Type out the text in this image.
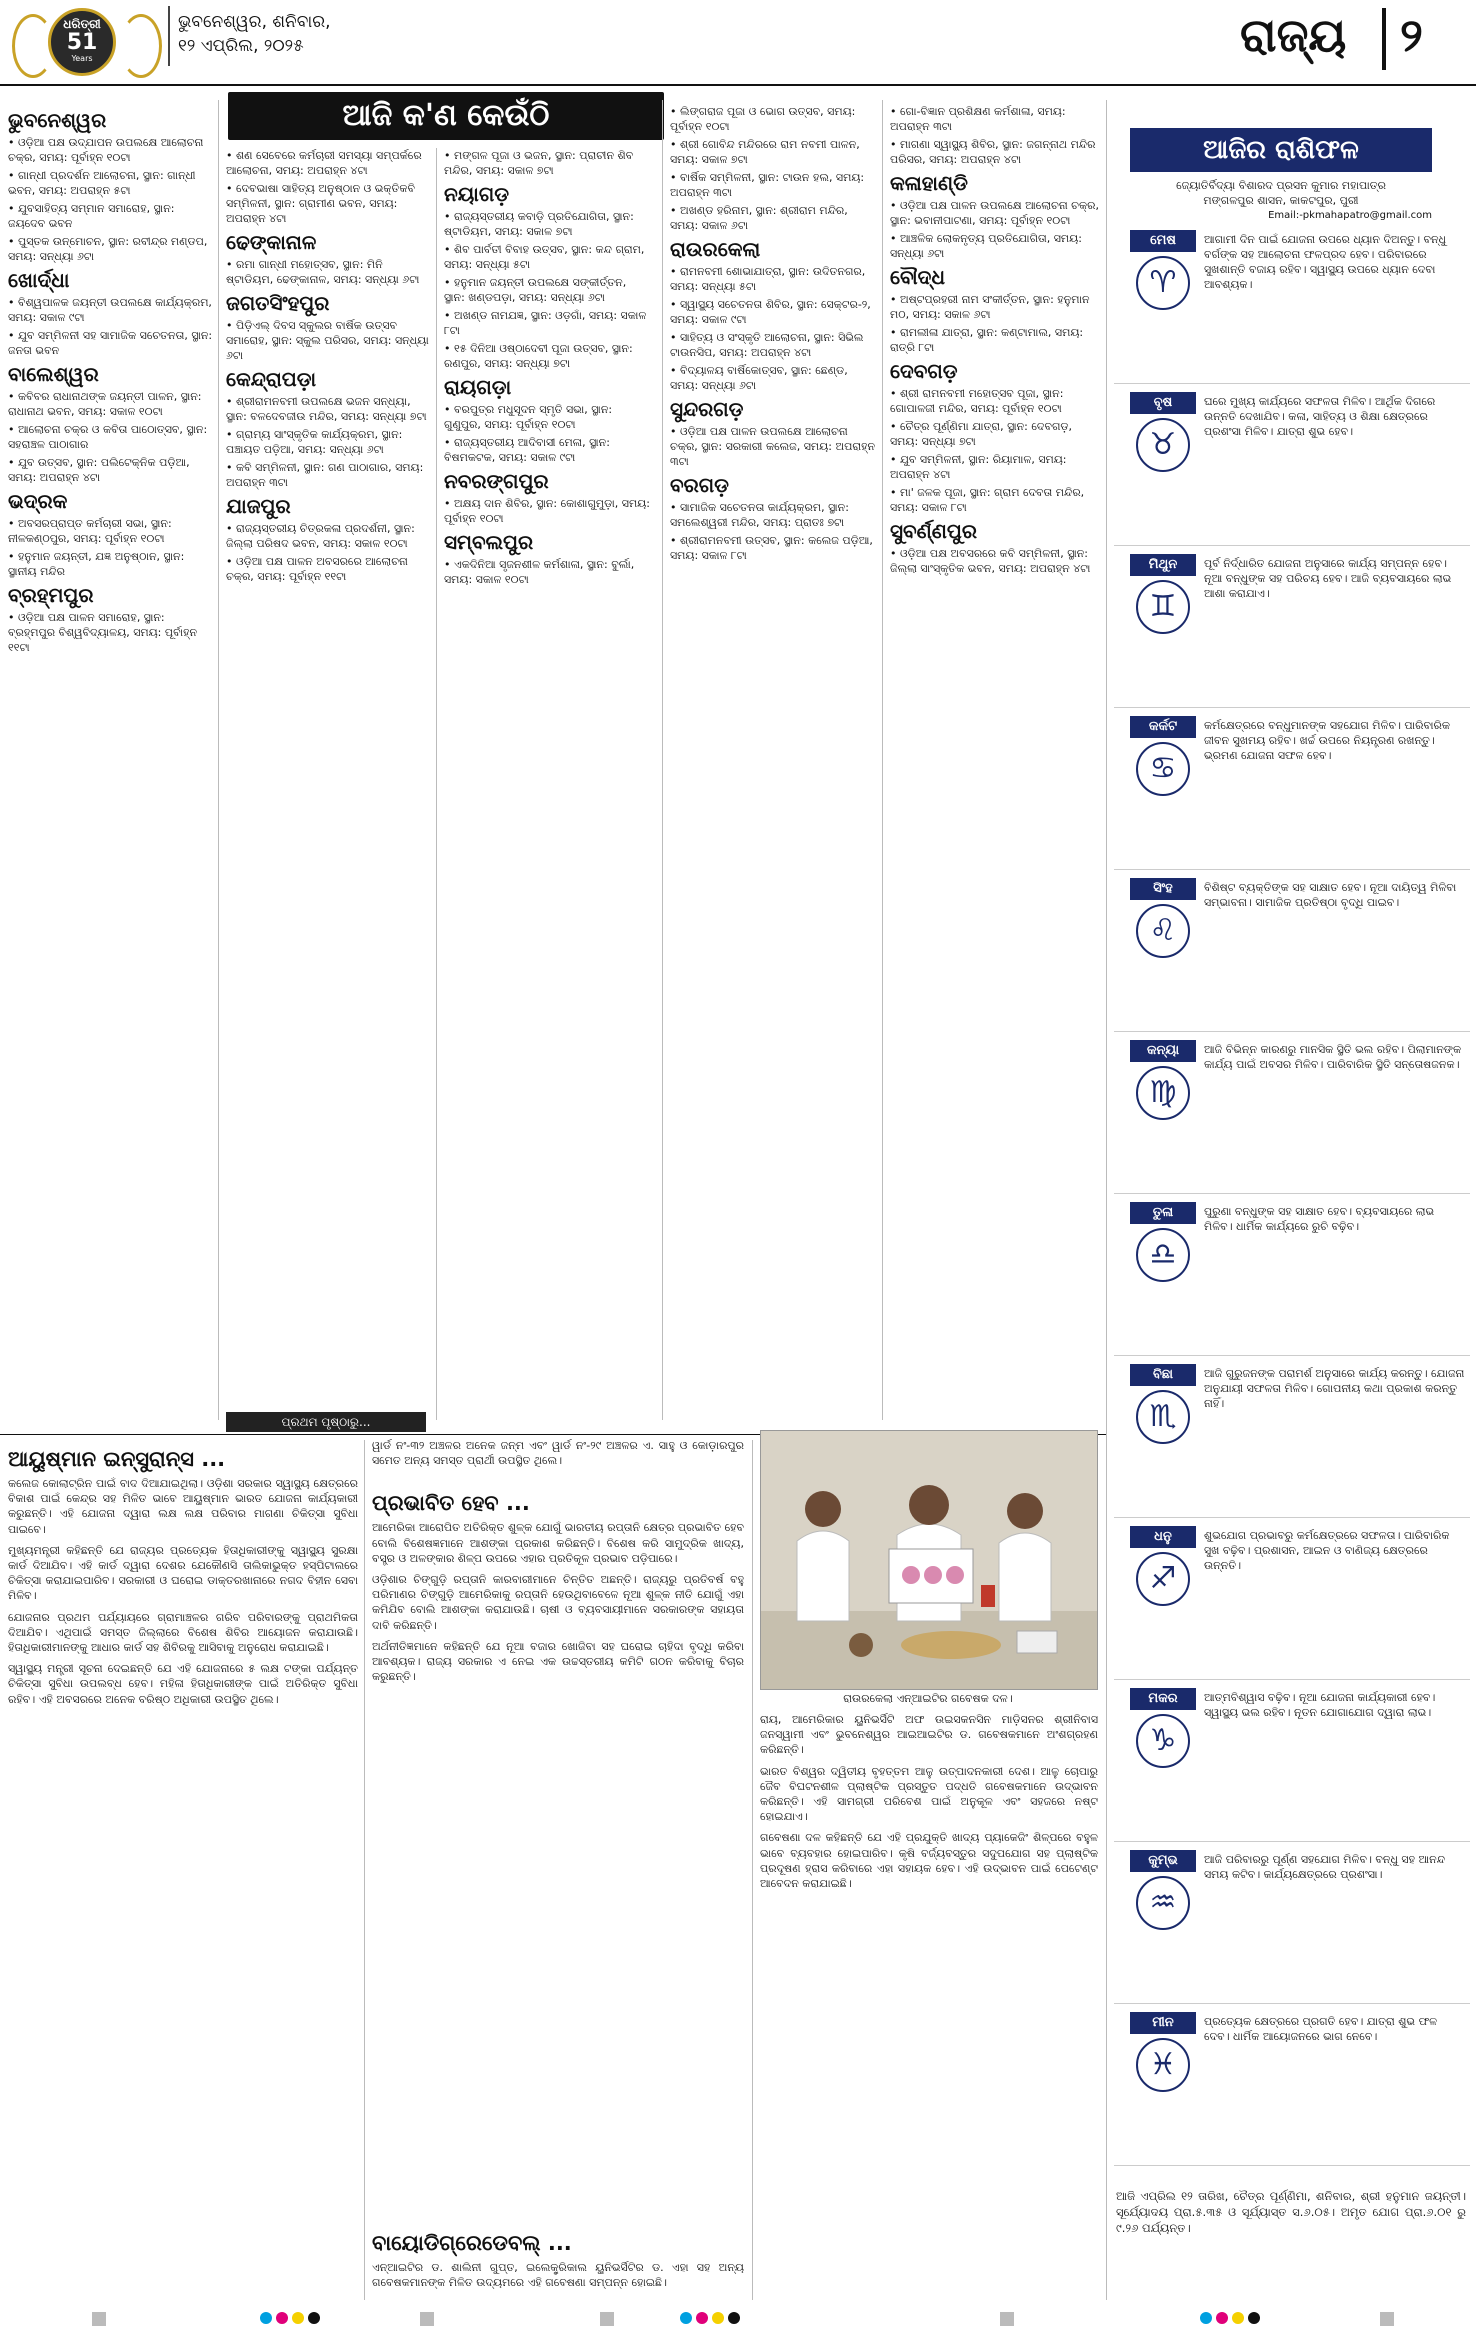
ଧରିତ୍ରୀ
51
Years
ଭୁବନେଶ୍ୱର, ଶନିବାର,
୧୨ ଏପ୍ରିଲ, ୨୦୨୫	ରାଜ୍ୟ ୨
ଆଜି କ'ଣ କେଉଁଠି
ଭୁବନେଶ୍ୱର

• ଓଡ଼ିଆ ପକ୍ଷ ଉଦ୍‌ଯାପନ ଉପଲକ୍ଷେ ଆଲୋଚନା ଚକ୍ର, ସମୟ: ପୂର୍ବାହ୍ନ ୧୦ଟା

• ଗାନ୍ଧୀ ପ୍ରଦର୍ଶନ ଆଲୋଚନା, ସ୍ଥାନ: ଗାନ୍ଧୀ ଭବନ, ସମୟ: ଅପରାହ୍ନ ୫ଟା

• ଯୁବସାହିତ୍ୟ ସମ୍ମାନ ସମାରୋହ, ସ୍ଥାନ: ଜୟଦେବ ଭବନ

• ପୁସ୍ତକ ଉନ୍ମୋଚନ, ସ୍ଥାନ: ରବୀନ୍ଦ୍ର ମଣ୍ଡପ, ସମୟ: ସନ୍ଧ୍ୟା ୬ଟା

ଖୋର୍ଦ୍ଧା

• ବିଶ୍ୱପାଳକ ଜୟନ୍ତୀ ଉପଲକ୍ଷେ କାର୍ଯ୍ୟକ୍ରମ, ସମୟ: ସକାଳ ୯ଟା

• ଯୁବ ସମ୍ମିଳନୀ ସହ ସାମାଜିକ ସଚେତନତା, ସ୍ଥାନ: ଜନତା ଭବନ

ବାଲେଶ୍ୱର

• କବିବର ରାଧାନାଥଙ୍କ ଜୟନ୍ତୀ ପାଳନ, ସ୍ଥାନ: ରାଧାନାଥ ଭବନ, ସମୟ: ସକାଳ ୧୦ଟା

• ଆଲୋଚନା ଚକ୍ର ଓ କବିତା ପାଠୋତ୍ସବ, ସ୍ଥାନ: ସହରାଞ୍ଚଳ ପାଠାଗାର

• ଯୁବ ଉତ୍ସବ, ସ୍ଥାନ: ପଲିଟେକ୍ନିକ ପଡ଼ିଆ, ସମୟ: ଅପରାହ୍ନ ୪ଟା

ଭଦ୍ରକ

• ଅବସରପ୍ରାପ୍ତ କର୍ମଚାରୀ ସଭା, ସ୍ଥାନ: ନୀଳକଣ୍ଠପୁର, ସମୟ: ପୂର୍ବାହ୍ନ ୧୦ଟା

• ହନୁମାନ ଜୟନ୍ତୀ, ଯଜ୍ଞ ଅନୁଷ୍ଠାନ, ସ୍ଥାନ: ସ୍ଥାନୀୟ ମନ୍ଦିର

ବ୍ରହ୍ମପୁର

• ଓଡ଼ିଆ ପକ୍ଷ ପାଳନ ସମାରୋହ, ସ୍ଥାନ: ବ୍ରହ୍ମପୁର ବିଶ୍ୱବିଦ୍ୟାଳୟ, ସମୟ: ପୂର୍ବାହ୍ନ ୧୧ଟା

• ଶଣ ସେବେରେ କର୍ମଚାରୀ ସମସ୍ୟା ସମ୍ପର୍କରେ ଆଲୋଚନା, ସମୟ: ଅପରାହ୍ନ ୪ଟା

• ଦେବଭାଷା ସାହିତ୍ୟ ଅନୁଷ୍ଠାନ ଓ ଭକ୍ତିକବି ସମ୍ମିଳନୀ, ସ୍ଥାନ: ଗ୍ରାମୀଣ ଭବନ, ସମୟ: ଅପରାହ୍ନ ୪ଟା

ଢେଙ୍କାନାଳ

• ରମା ଗାନ୍ଧୀ ମହୋତ୍ସବ, ସ୍ଥାନ: ମିନି ଷ୍ଟାଡିୟମ, ଢେଙ୍କାନାଳ, ସମୟ: ସନ୍ଧ୍ୟା ୬ଟା

ଜଗତସିଂହପୁର

• ପିଡ଼ିଏଲ୍ ଦିବସ ସ୍କୁଲର ବାର୍ଷିକ ଉତ୍ସବ ସମାରୋହ, ସ୍ଥାନ: ସ୍କୁଲ ପରିସର, ସମୟ: ସନ୍ଧ୍ୟା ୬ଟା

କେନ୍ଦ୍ରାପଡ଼ା

• ଶ୍ରୀରାମନବମୀ ଉପଲକ୍ଷେ ଭଜନ ସନ୍ଧ୍ୟା, ସ୍ଥାନ: ବଳଦେବଜୀଉ ମନ୍ଦିର, ସମୟ: ସନ୍ଧ୍ୟା ୭ଟା

• ଗ୍ରାମ୍ୟ ସାଂସ୍କୃତିକ କାର୍ଯ୍ୟକ୍ରମ, ସ୍ଥାନ: ପଞ୍ଚାୟତ ପଡ଼ିଆ, ସମୟ: ସନ୍ଧ୍ୟା ୬ଟା

• କବି ସମ୍ମିଳନୀ, ସ୍ଥାନ: ଗଣ ପାଠାଗାର, ସମୟ: ଅପରାହ୍ନ ୩ଟା

ଯାଜପୁର

• ରାଜ୍ୟସ୍ତରୀୟ ଚିତ୍ରକଳା ପ୍ରଦର୍ଶନୀ, ସ୍ଥାନ: ଜିଲ୍ଲା ପରିଷଦ ଭବନ, ସମୟ: ସକାଳ ୧୦ଟା

• ଓଡ଼ିଆ ପକ୍ଷ ପାଳନ ଅବସରରେ ଆଲୋଚନା ଚକ୍ର, ସମୟ: ପୂର୍ବାହ୍ନ ୧୧ଟା

• ମଙ୍ଗଳ ପୂଜା ଓ ଭଜନ, ସ୍ଥାନ: ପ୍ରାଚୀନ ଶିବ ମନ୍ଦିର, ସମୟ: ସକାଳ ୭ଟା

ନୟାଗଡ଼

• ରାଜ୍ୟସ୍ତରୀୟ କବାଡ଼ି ପ୍ରତିଯୋଗିତା, ସ୍ଥାନ: ଷ୍ଟାଡିୟମ, ସମୟ: ସକାଳ ୭ଟା

• ଶିବ ପାର୍ବତୀ ବିବାହ ଉତ୍ସବ, ସ୍ଥାନ: କନ୍ଦ ଗ୍ରାମ, ସମୟ: ସନ୍ଧ୍ୟା ୫ଟା

• ହନୁମାନ ଜୟନ୍ତୀ ଉପଲକ୍ଷେ ସଙ୍କୀର୍ତ୍ତନ, ସ୍ଥାନ: ଖଣ୍ଡପଡ଼ା, ସମୟ: ସନ୍ଧ୍ୟା ୬ଟା

• ଅଖଣ୍ଡ ନାମଯଜ୍ଞ, ସ୍ଥାନ: ଓଡ଼ଗାଁ, ସମୟ: ସକାଳ ୮ଟା

• ୧୫ ଦିନିଆ ଓଷ୍ଠାଦେବୀ ପୂଜା ଉତ୍ସବ, ସ୍ଥାନ: ରଣପୁର, ସମୟ: ସନ୍ଧ୍ୟା ୭ଟା

ରାୟଗଡ଼ା

• ବରପୁତ୍ର ମଧୁସୂଦନ ସ୍ମୃତି ସଭା, ସ୍ଥାନ: ଗୁଣୁପୁର, ସମୟ: ପୂର୍ବାହ୍ନ ୧୦ଟା

• ରାଜ୍ୟସ୍ତରୀୟ ଆଦିବାସୀ ମେଳା, ସ୍ଥାନ: ବିଷମକଟକ, ସମୟ: ସକାଳ ୯ଟା

ନବରଙ୍ଗପୁର

• ଅକ୍ଷୟ ଦାନ ଶିବିର, ସ୍ଥାନ: କୋଶାଗୁମୁଡ଼ା, ସମୟ: ପୂର୍ବାହ୍ନ ୧୦ଟା

ସମ୍ବଲପୁର

• ଏକଦିନିଆ ସୃଜନଶୀଳ କର୍ମଶାଳା, ସ୍ଥାନ: ବୁର୍ଲା, ସମୟ: ସକାଳ ୧୦ଟା

• ଲିଙ୍ଗରାଜ ପୂଜା ଓ ଭୋଗ ଉତ୍ସବ, ସମୟ: ପୂର୍ବାହ୍ନ ୧୦ଟା

• ଶ୍ରୀ ଗୋବିନ୍ଦ ମନ୍ଦିରରେ ରାମ ନବମୀ ପାଳନ, ସମୟ: ସକାଳ ୭ଟା

• ବାର୍ଷିକ ସମ୍ମିଳନୀ, ସ୍ଥାନ: ଟାଉନ ହଲ, ସମୟ: ଅପରାହ୍ନ ୩ଟା

• ଅଖଣ୍ଡ ହରିନାମ, ସ୍ଥାନ: ଶ୍ରୀରାମ ମନ୍ଦିର, ସମୟ: ସକାଳ ୬ଟା

ରାଉରକେଲା

• ରାମନବମୀ ଶୋଭାଯାତ୍ରା, ସ୍ଥାନ: ଉଦିତନଗର, ସମୟ: ସନ୍ଧ୍ୟା ୫ଟା

• ସ୍ୱାସ୍ଥ୍ୟ ସଚେତନତା ଶିବିର, ସ୍ଥାନ: ସେକ୍ଟର-୨, ସମୟ: ସକାଳ ୯ଟା

• ସାହିତ୍ୟ ଓ ସଂସ୍କୃତି ଆଲୋଚନା, ସ୍ଥାନ: ସିଭିଲ ଟାଉନସିପ, ସମୟ: ଅପରାହ୍ନ ୪ଟା

• ବିଦ୍ୟାଳୟ ବାର୍ଷିକୋତ୍ସବ, ସ୍ଥାନ: ଛେଣ୍ଡ, ସମୟ: ସନ୍ଧ୍ୟା ୬ଟା

ସୁନ୍ଦରଗଡ଼

• ଓଡ଼ିଆ ପକ୍ଷ ପାଳନ ଉପଲକ୍ଷେ ଆଲୋଚନା ଚକ୍ର, ସ୍ଥାନ: ସରକାରୀ କଲେଜ, ସମୟ: ଅପରାହ୍ନ ୩ଟା

ବରଗଡ଼

• ସାମାଜିକ ସଚେତନତା କାର୍ଯ୍ୟକ୍ରମ, ସ୍ଥାନ: ସମଲେଶ୍ୱରୀ ମନ୍ଦିର, ସମୟ: ପ୍ରାତଃ ୭ଟା

• ଶ୍ରୀରାମନବମୀ ଉତ୍ସବ, ସ୍ଥାନ: କଲେଜ ପଡ଼ିଆ, ସମୟ: ସକାଳ ୮ଟା

• ଗୋ-ବିଜ୍ଞାନ ପ୍ରଶିକ୍ଷଣ କର୍ମଶାଳା, ସମୟ: ଅପରାହ୍ନ ୩ଟା

• ମାଗଣା ସ୍ୱାସ୍ଥ୍ୟ ଶିବିର, ସ୍ଥାନ: ଜଗନ୍ନାଥ ମନ୍ଦିର ପରିସର, ସମୟ: ଅପରାହ୍ନ ୪ଟା

କଳାହାଣ୍ଡି

• ଓଡ଼ିଆ ପକ୍ଷ ପାଳନ ଉପଲକ୍ଷେ ଆଲୋଚନା ଚକ୍ର, ସ୍ଥାନ: ଭବାନୀପାଟଣା, ସମୟ: ପୂର୍ବାହ୍ନ ୧୦ଟା

• ଆଞ୍ଚଳିକ ଲୋକନୃତ୍ୟ ପ୍ରତିଯୋଗିତା, ସମୟ: ସନ୍ଧ୍ୟା ୬ଟା

ବୌଦ୍ଧ

• ଅଷ୍ଟପ୍ରହରୀ ନାମ ସଂକୀର୍ତ୍ତନ, ସ୍ଥାନ: ହନୁମାନ ମଠ, ସମୟ: ସକାଳ ୬ଟା

• ରାମଲୀଳା ଯାତ୍ରା, ସ୍ଥାନ: କଣ୍ଟାମାଲ, ସମୟ: ରାତ୍ରି ୮ଟା

ଦେବଗଡ଼

• ଶ୍ରୀ ରାମନବମୀ ମହୋତ୍ସବ ପୂଜା, ସ୍ଥାନ: ଗୋପାଳଜୀ ମନ୍ଦିର, ସମୟ: ପୂର୍ବାହ୍ନ ୧୦ଟା

• ଚୈତ୍ର ପୂର୍ଣ୍ଣିମା ଯାତ୍ରା, ସ୍ଥାନ: ଦେବଗଡ଼, ସମୟ: ସନ୍ଧ୍ୟା ୭ଟା

• ଯୁବ ସମ୍ମିଳନୀ, ସ୍ଥାନ: ରିୟାମାଳ, ସମୟ: ଅପରାହ୍ନ ୪ଟା

• ମା' ଜଳକ ପୂଜା, ସ୍ଥାନ: ଗ୍ରାମ ଦେବତା ମନ୍ଦିର, ସମୟ: ସକାଳ ୮ଟା

ସୁବର୍ଣ୍ଣପୁର

• ଓଡ଼ିଆ ପକ୍ଷ ଅବସରରେ କବି ସମ୍ମିଳନୀ, ସ୍ଥାନ: ଜିଲ୍ଲା ସାଂସ୍କୃତିକ ଭବନ, ସମୟ: ଅପରାହ୍ନ ୪ଟା

ପ୍ରଥମ ପୃଷ୍ଠାରୁ...
ଆଜିର ରାଶିଫଳ
ଜ୍ୟୋତିର୍ବିଦ୍ୟା ବିଶାରଦ ପ୍ରସନ କୁମାର ମହାପାତ୍ର
ମଙ୍ଗଳପୁର ଶାସନ, କାକଟପୁର, ପୁରୀ
Email:-pkmahapatro@gmail.com
ମେଷ
♈
ଆଗାମୀ ଦିନ ପାଇଁ ଯୋଜନା ଉପରେ ଧ୍ୟାନ ଦିଅନ୍ତୁ। ବନ୍ଧୁ ବର୍ଗଙ୍କ ସହ ଆଲୋଚନା ଫଳପ୍ରଦ ହେବ। ପରିବାରରେ ସୁଖଶାନ୍ତି ବଜାୟ ରହିବ। ସ୍ୱାସ୍ଥ୍ୟ ଉପରେ ଧ୍ୟାନ ଦେବା ଆବଶ୍ୟକ।
ବୃଷ
♉
ଘରେ ମୁଖ୍ୟ କାର୍ଯ୍ୟରେ ସଫଳତା ମିଳିବ। ଆର୍ଥିକ ଦିଗରେ ଉନ୍ନତି ଦେଖାଯିବ। କଳା, ସାହିତ୍ୟ ଓ ଶିକ୍ଷା କ୍ଷେତ୍ରରେ ପ୍ରଶଂସା ମିଳିବ। ଯାତ୍ରା ଶୁଭ ହେବ।
ମିଥୁନ
♊
ପୂର୍ବ ନିର୍ଦ୍ଧାରିତ ଯୋଜନା ଅନୁସାରେ କାର୍ଯ୍ୟ ସମ୍ପନ୍ନ ହେବ। ନୂଆ ବନ୍ଧୁଙ୍କ ସହ ପରିଚୟ ହେବ। ଆଜି ବ୍ୟବସାୟରେ ଲାଭ ଆଶା କରାଯାଏ।
କର୍କଟ
♋
କର୍ମକ୍ଷେତ୍ରରେ ବନ୍ଧୁମାନଙ୍କ ସହଯୋଗ ମିଳିବ। ପାରିବାରିକ ଜୀବନ ସୁଖମୟ ରହିବ। ଖର୍ଚ୍ଚ ଉପରେ ନିୟନ୍ତ୍ରଣ ରଖନ୍ତୁ। ଭ୍ରମଣ ଯୋଜନା ସଫଳ ହେବ।
ସିଂହ
♌
ବିଶିଷ୍ଟ ବ୍ୟକ୍ତିଙ୍କ ସହ ସାକ୍ଷାତ ହେବ। ନୂଆ ଦାୟିତ୍ୱ ମିଳିବା ସମ୍ଭାବନା। ସାମାଜିକ ପ୍ରତିଷ୍ଠା ବୃଦ୍ଧି ପାଇବ।
କନ୍ୟା
♍
ଆଜି ବିଭିନ୍ନ କାରଣରୁ ମାନସିକ ସ୍ଥିତି ଭଲ ରହିବ। ପିଲାମାନଙ୍କ କାର୍ଯ୍ୟ ପାଇଁ ଅବସର ମିଳିବ। ପାରିବାରିକ ସ୍ଥିତି ସନ୍ତୋଷଜନକ।
ତୁଳା
♎
ପୁରୁଣା ବନ୍ଧୁଙ୍କ ସହ ସାକ୍ଷାତ ହେବ। ବ୍ୟବସାୟରେ ଲାଭ ମିଳିବ। ଧାର୍ମିକ କାର୍ଯ୍ୟରେ ରୁଚି ବଢ଼ିବ।
ବିଛା
♏
ଆଜି ଗୁରୁଜନଙ୍କ ପରାମର୍ଶ ଅନୁସାରେ କାର୍ଯ୍ୟ କରନ୍ତୁ। ଯୋଜନା ଅନୁଯାୟୀ ସଫଳତା ମିଳିବ। ଗୋପନୀୟ କଥା ପ୍ରକାଶ କରନ୍ତୁ ନାହିଁ।
ଧନୁ
♐
ଶୁଭଯୋଗ ପ୍ରଭାବରୁ କର୍ମକ୍ଷେତ୍ରରେ ସଫଳତା। ପାରିବାରିକ ସୁଖ ବଢ଼ିବ। ପ୍ରଶାସନ, ଆଇନ ଓ ବାଣିଜ୍ୟ କ୍ଷେତ୍ରରେ ଉନ୍ନତି।
ମକର
♑
ଆତ୍ମବିଶ୍ୱାସ ବଢ଼ିବ। ନୂଆ ଯୋଜନା କାର୍ଯ୍ୟକାରୀ ହେବ। ସ୍ୱାସ୍ଥ୍ୟ ଭଲ ରହିବ। ନୂତନ ଯୋଗାଯୋଗ ଦ୍ୱାରା ଲାଭ।
କୁମ୍ଭ
♒
ଆଜି ପରିବାରରୁ ପୂର୍ଣ୍ଣ ସହଯୋଗ ମିଳିବ। ବନ୍ଧୁ ସହ ଆନନ୍ଦ ସମୟ କଟିବ। କାର୍ଯ୍ୟକ୍ଷେତ୍ରରେ ପ୍ରଶଂସା।
ମୀନ
♓
ପ୍ରତ୍ୟେକ କ୍ଷେତ୍ରରେ ପ୍ରଗତି ହେବ। ଯାତ୍ରା ଶୁଭ ଫଳ ଦେବ। ଧାର୍ମିକ ଆୟୋଜନରେ ଭାଗ ନେବେ।
ଆଜି ଏପ୍ରିଲ ୧୨ ତାରିଖ, ଚୈତ୍ର ପୂର୍ଣ୍ଣିମା, ଶନିବାର, ଶ୍ରୀ ହନୁମାନ ଜୟନ୍ତୀ। ସୂର୍ଯ୍ୟୋଦୟ ପ୍ରା.୫.୩୫ ଓ ସୂର୍ଯ୍ୟାସ୍ତ ସ.୬.୦୫। ଅମୃତ ଯୋଗ ପ୍ରା.୬.୦୧ ରୁ ୯.୨୬ ପର୍ଯ୍ୟନ୍ତ।
ଆୟୁଷ୍ମାନ ଇନ୍ସୁରାନ୍ସ ...
କଲେଜ କୋଲାଟ୍ରିନ ପାଇଁ ବାଦ ଦିଆଯାଇଥିଲା। ଓଡ଼ିଶା ସରକାର ସ୍ୱାସ୍ଥ୍ୟ କ୍ଷେତ୍ରରେ ବିକାଶ ପାଇଁ କେନ୍ଦ୍ର ସହ ମିଳିତ ଭାବେ ଆୟୁଷ୍ମାନ ଭାରତ ଯୋଜନା କାର୍ଯ୍ୟକାରୀ କରୁଛନ୍ତି। ଏହି ଯୋଜନା ଦ୍ୱାରା ଲକ୍ଷ ଲକ୍ଷ ପରିବାର ମାଗଣା ଚିକିତ୍ସା ସୁବିଧା ପାଇବେ।
ମୁଖ୍ୟମନ୍ତ୍ରୀ କହିଛନ୍ତି ଯେ ରାଜ୍ୟର ପ୍ରତ୍ୟେକ ହିତାଧିକାରୀଙ୍କୁ ସ୍ୱାସ୍ଥ୍ୟ ସୁରକ୍ଷା କାର୍ଡ ଦିଆଯିବ। ଏହି କାର୍ଡ ଦ୍ୱାରା ଦେଶର ଯେକୌଣସି ତାଲିକାଭୁକ୍ତ ହସ୍ପିଟାଲରେ ଚିକିତ୍ସା କରାଯାଇପାରିବ। ସରକାରୀ ଓ ଘରୋଇ ଡାକ୍ତରଖାନାରେ ନଗଦ ବିହୀନ ସେବା ମିଳିବ।
ଯୋଜନାର ପ୍ରଥମ ପର୍ଯ୍ୟାୟରେ ଗ୍ରାମାଞ୍ଚଳର ଗରିବ ପରିବାରଙ୍କୁ ପ୍ରାଥମିକତା ଦିଆଯିବ। ଏଥିପାଇଁ ସମସ୍ତ ଜିଲ୍ଲାରେ ବିଶେଷ ଶିବିର ଆୟୋଜନ କରାଯାଉଛି। ହିତାଧିକାରୀମାନଙ୍କୁ ଆଧାର କାର୍ଡ ସହ ଶିବିରକୁ ଆସିବାକୁ ଅନୁରୋଧ କରାଯାଇଛି।
ସ୍ୱାସ୍ଥ୍ୟ ମନ୍ତ୍ରୀ ସୂଚନା ଦେଇଛନ୍ତି ଯେ ଏହି ଯୋଜନାରେ ୫ ଲକ୍ଷ ଟଙ୍କା ପର୍ଯ୍ୟନ୍ତ ଚିକିତ୍ସା ସୁବିଧା ଉପଲବ୍ଧ ହେବ। ମହିଳା ହିତାଧିକାରୀଙ୍କ ପାଇଁ ଅତିରିକ୍ତ ସୁବିଧା ରହିବ। ଏହି ଅବସରରେ ଅନେକ ବରିଷ୍ଠ ଅଧିକାରୀ ଉପସ୍ଥିତ ଥିଲେ।
ୱାର୍ଡ ନଂ-୩୨ ଅଞ୍ଚଳର ଅନେକ ଜନ୍ମ ଏବଂ ୱାର୍ଡ ନଂ-୨୯ ଅଞ୍ଚଳର ଏ. ସାହୁ ଓ କୋଡ଼ାରପୁର ସମେତ ଅନ୍ୟ ସମସ୍ତ ପ୍ରାର୍ଥୀ ଉପସ୍ଥିତ ଥିଲେ।
ପ୍ରଭାବିତ ହେବ ...
ଆମେରିକା ଆରୋପିତ ଅତିରିକ୍ତ ଶୁଳ୍କ ଯୋଗୁଁ ଭାରତୀୟ ରପ୍ତାନି କ୍ଷେତ୍ର ପ୍ରଭାବିତ ହେବ ବୋଲି ବିଶେଷଜ୍ଞମାନେ ଆଶଙ୍କା ପ୍ରକାଶ କରିଛନ୍ତି। ବିଶେଷ କରି ସାମୁଦ୍ରିକ ଖାଦ୍ୟ, ବସ୍ତ୍ର ଓ ଅଳଙ୍କାର ଶିଳ୍ପ ଉପରେ ଏହାର ପ୍ରତିକୂଳ ପ୍ରଭାବ ପଡ଼ିପାରେ।
ଓଡ଼ିଶାର ଚିଙ୍ଗୁଡ଼ି ରପ୍ତାନି କାରବାରୀମାନେ ଚିନ୍ତିତ ଅଛନ୍ତି। ରାଜ୍ୟରୁ ପ୍ରତିବର୍ଷ ବହୁ ପରିମାଣର ଚିଙ୍ଗୁଡ଼ି ଆମେରିକାକୁ ରପ୍ତାନି ହେଉଥିବାବେଳେ ନୂଆ ଶୁଳ୍କ ନୀତି ଯୋଗୁଁ ଏହା କମିଯିବ ବୋଲି ଆଶଙ୍କା କରାଯାଉଛି। ଚାଷୀ ଓ ବ୍ୟବସାୟୀମାନେ ସରକାରଙ୍କ ସହାୟତା ଦାବି କରିଛନ୍ତି।
ଅର୍ଥନୀତିଜ୍ଞମାନେ କହିଛନ୍ତି ଯେ ନୂଆ ବଜାର ଖୋଜିବା ସହ ଘରୋଇ ଚାହିଦା ବୃଦ୍ଧି କରିବା ଆବଶ୍ୟକ। ରାଜ୍ୟ ସରକାର ଏ ନେଇ ଏକ ଉଚ୍ଚସ୍ତରୀୟ କମିଟି ଗଠନ କରିବାକୁ ବିଚାର କରୁଛନ୍ତି।
ବାୟୋଡିଗ୍ରେଡେବଲ୍ ...
ଏନ୍‌ଆଇଟିର ଡ. ଶାଲିନୀ ଗୁପ୍ତ, ଇଲେକ୍ଟ୍ରିକାଲ ୟୁନିଭର୍ସିଟିର ଡ. ଏହା ସହ ଅନ୍ୟ ଗବେଷକମାନଙ୍କ ମିଳିତ ଉଦ୍ୟମରେ ଏହି ଗବେଷଣା ସମ୍ପନ୍ନ ହୋଇଛି।
ରାଉରକେଲା ଏନ୍‌ଆଇଟିର ଗବେଷକ ଦଳ।
ରାୟ, ଆମେରିକାର ୟୁନିଭର୍ସିଟି ଅଫ ଉଇସକନସିନ ମାଡ଼ିସନର ଶ୍ରୀନିବାସ ଜନସ୍ୱାମୀ ଏବଂ ଭୁବନେଶ୍ୱର ଆଇଆଇଟିର ଡ. ଗବେଷକମାନେ ଅଂଶଗ୍ରହଣ କରିଛନ୍ତି।
ଭାରତ ବିଶ୍ୱର ଦ୍ୱିତୀୟ ବୃହତ୍ତମ ଆଳୁ ଉତ୍ପାଦନକାରୀ ଦେଶ। ଆଳୁ ଚୋପାରୁ ଜୈବ ବିଘଟନଶୀଳ ପ୍ଲାଷ୍ଟିକ ପ୍ରସ୍ତୁତ ପଦ୍ଧତି ଗବେଷକମାନେ ଉଦ୍ଭାବନ କରିଛନ୍ତି। ଏହି ସାମଗ୍ରୀ ପରିବେଶ ପାଇଁ ଅନୁକୂଳ ଏବଂ ସହଜରେ ନଷ୍ଟ ହୋଇଯାଏ।
ଗବେଷଣା ଦଳ କହିଛନ୍ତି ଯେ ଏହି ପ୍ରଯୁକ୍ତି ଖାଦ୍ୟ ପ୍ୟାକେଜିଂ ଶିଳ୍ପରେ ବହୁଳ ଭାବେ ବ୍ୟବହାର ହୋଇପାରିବ। କୃଷି ବର୍ଜ୍ୟବସ୍ତୁର ସଦୁପଯୋଗ ସହ ପ୍ଲାଷ୍ଟିକ ପ୍ରଦୂଷଣ ହ୍ରାସ କରିବାରେ ଏହା ସହାୟକ ହେବ। ଏହି ଉଦ୍ଭାବନ ପାଇଁ ପେଟେଣ୍ଟ ଆବେଦନ କରାଯାଇଛି।
